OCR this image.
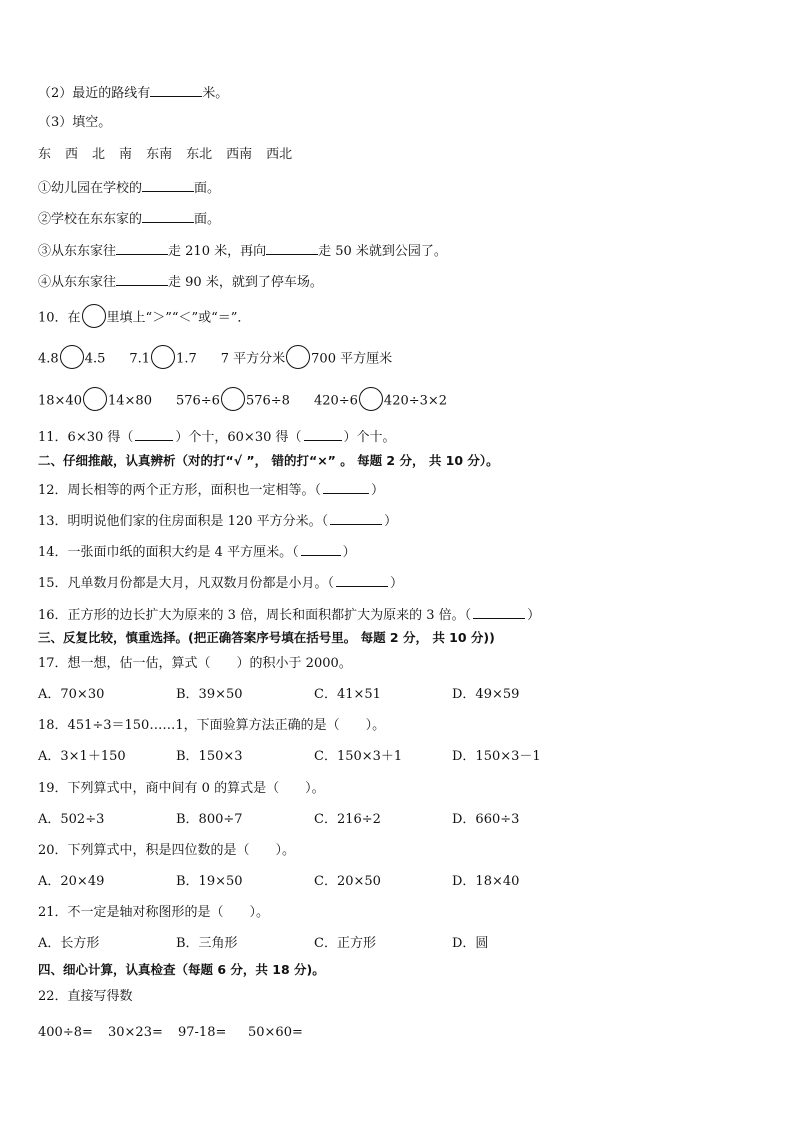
（2）最近的路线有	米。
（3）填空。
东 西 北 南 东南 东北 西南 西北
①幼儿园在学校的	面。
②学校在东东家的	面。
③从东东家往	走 210 米，再向	走 50 米就到公园了。
④从东东家往	走 90 米，就到了停车场。
10．在 里填上“＞”“＜”或“＝”．
4.8 4.5 7.1 1.7 7 平方分米 700 平方厘米
18×40 14×80 576÷6 576÷8 420÷6 420÷3×2
11．6×30 得（	）个十，60×30 得（	）个十。
二、仔细推敲，认真辨析（对的打“√ ”， 错的打“×” 。 每题 2 分， 共 10 分）。
12．周长相等的两个正方形，面积也一定相等。（	）
13．明明说他们家的住房面积是 120 平方分米。（	）
14．一张面巾纸的面积大约是 4 平方厘米。（	）
15．凡单数月份都是大月，凡双数月份都是小月。（	）
16．正方形的边长扩大为原来的 3 倍，周长和面积都扩大为原来的 3 倍。（	）
三、反复比较，慎重选择。(把正确答案序号填在括号里。 每题 2 分， 共 10 分))
17．想一想，估一估，算式（　　）的积小于 2000。
A．70×30	B．39×50	C．41×51	D．49×59
18．451÷3＝150……1，下面验算方法正确的是（　　）。
A．3×1＋150	B．150×3	C．150×3＋1	D．150×3－1
19．下列算式中，商中间有 0 的算式是（　　）。
A．502÷3	B．800÷7	C．216÷2	D．660÷3
20．下列算式中，积是四位数的是（　　）。
A．20×49	B．19×50	C．20×50	D．18×40
21．不一定是轴对称图形的是（　　）。
A．长方形	B．三角形	C．正方形	D．圆
四、细心计算，认真检查（每题 6 分，共 18 分)。
22．直接写得数
400÷8= 30×23= 97-18= 50×60=
